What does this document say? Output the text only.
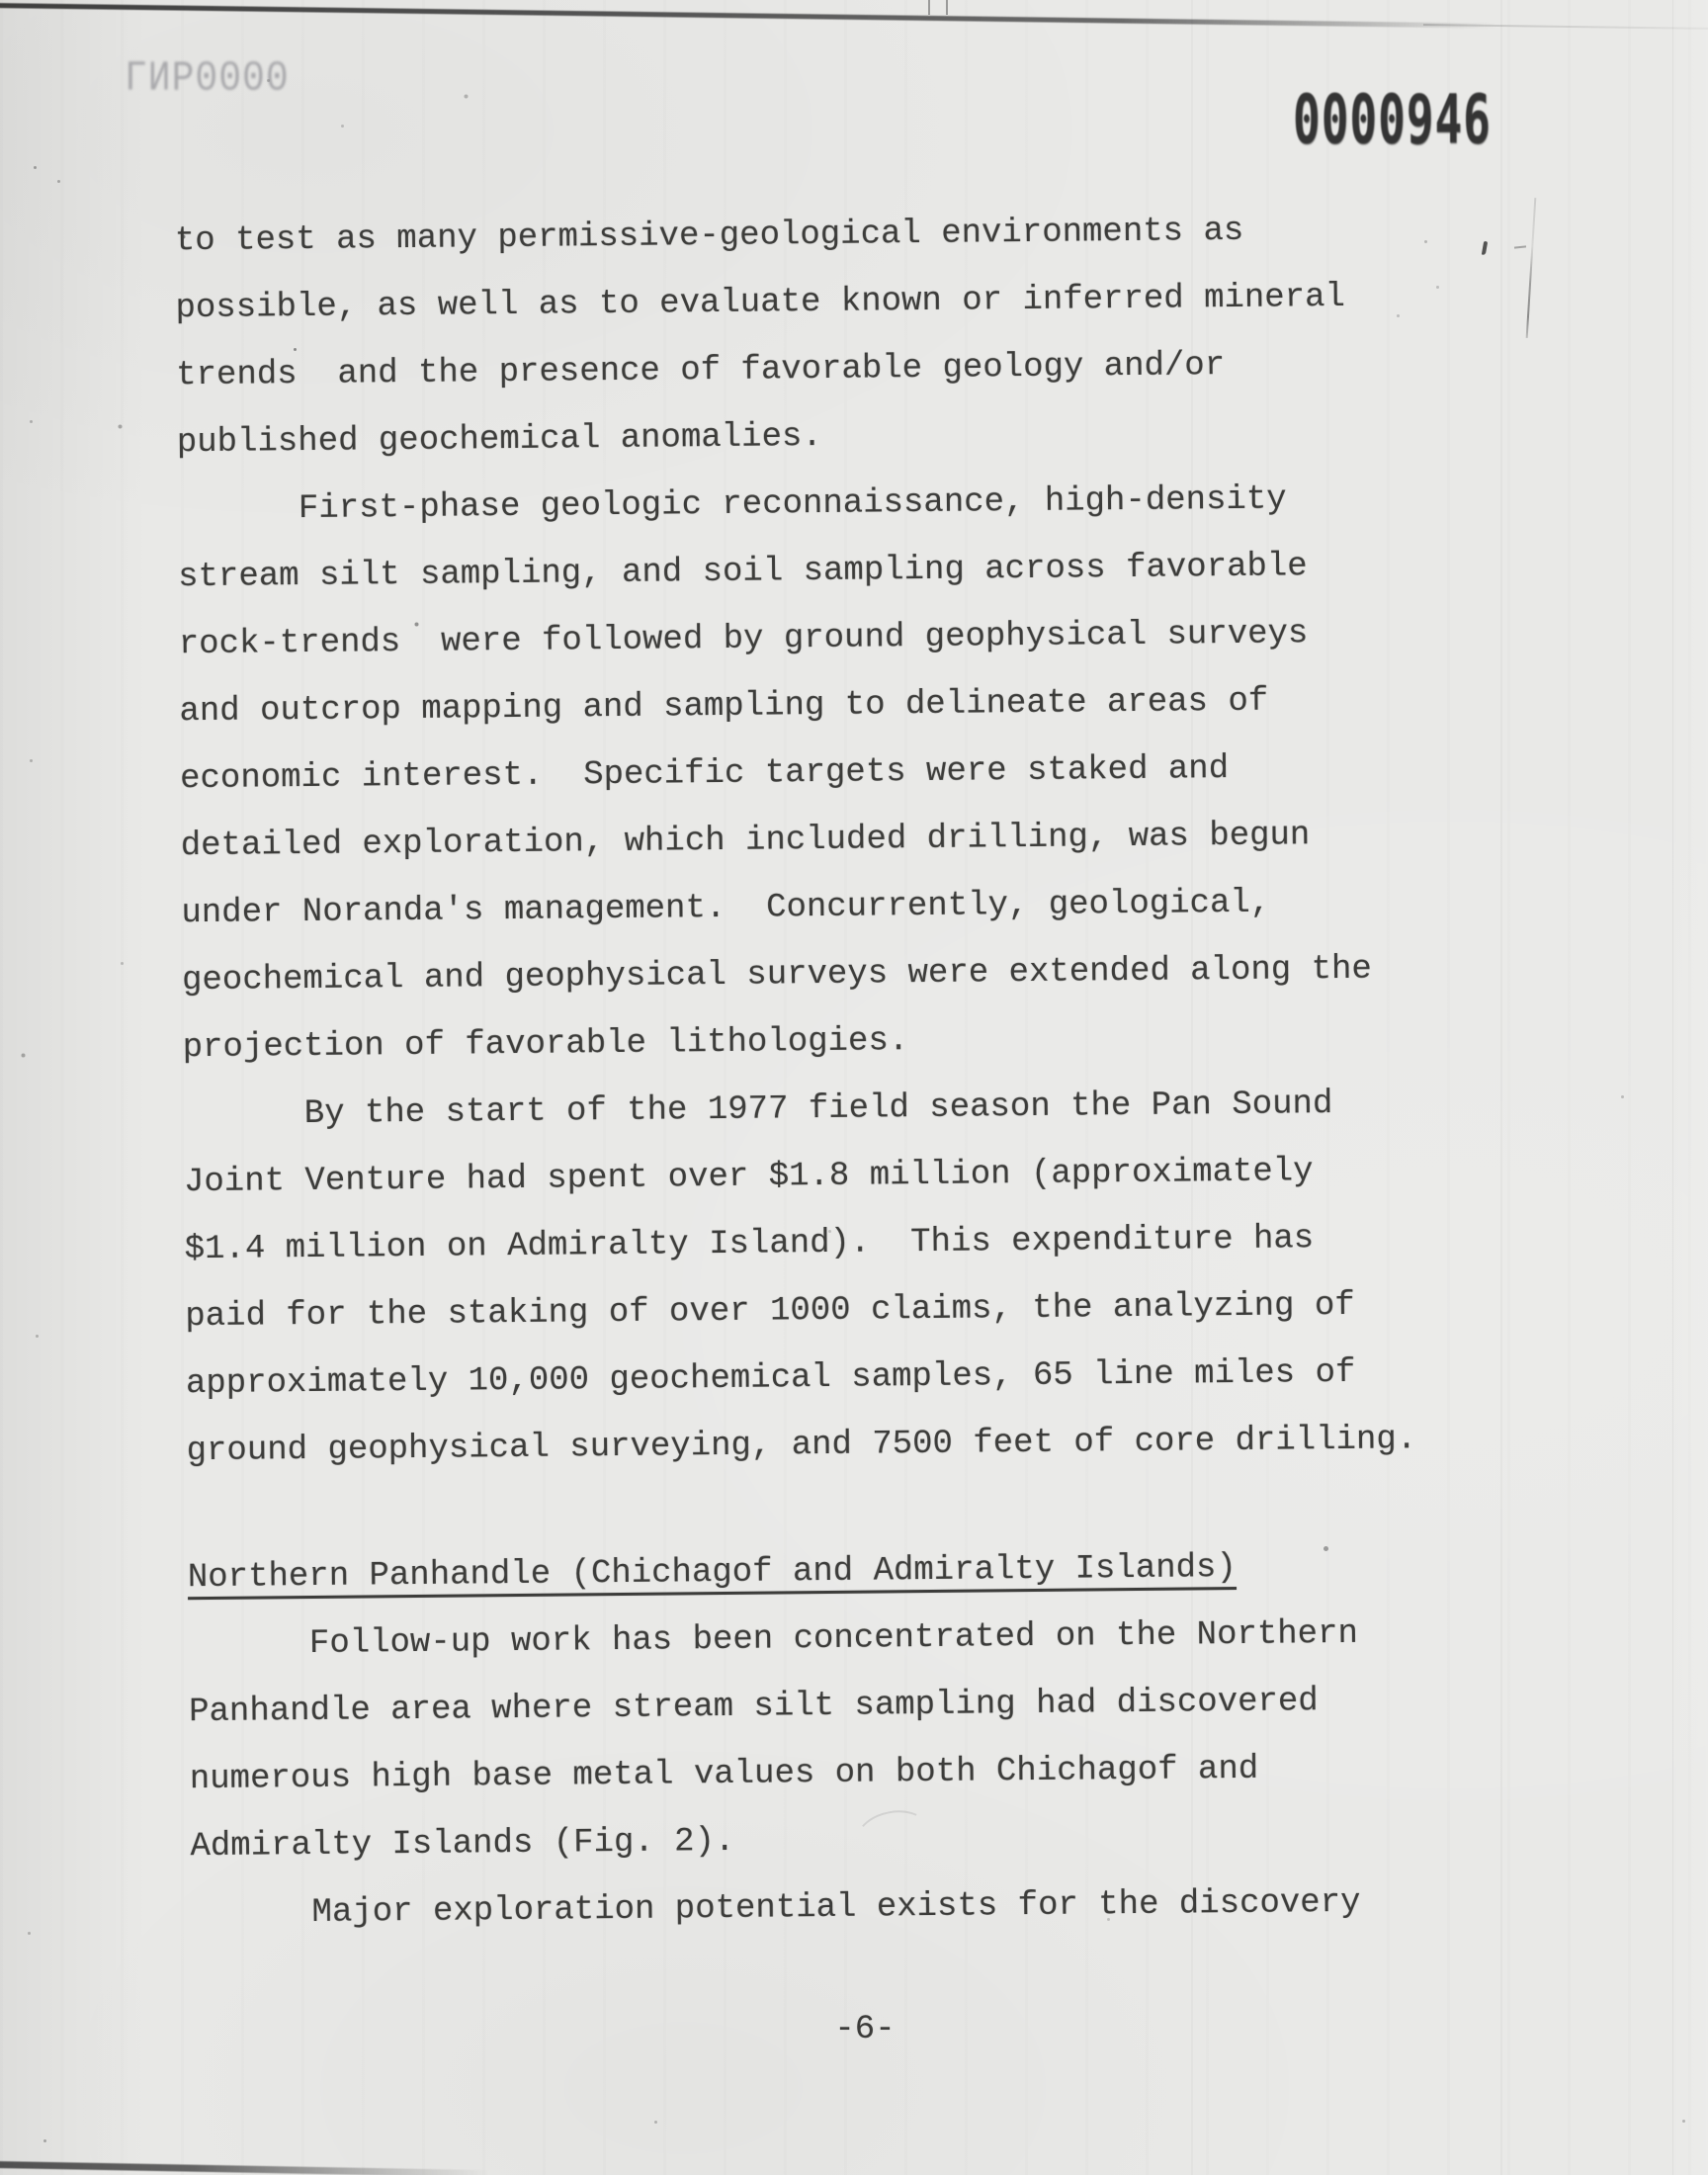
ГИР0000	0000946
to test as many permissive-geological environments as
possible, as well as to evaluate known or inferred mineral
trends  and the presence of favorable geology and/or
published geochemical anomalies.
First-phase geologic reconnaissance, high-density
stream silt sampling, and soil sampling across favorable
rock-trends  were followed by ground geophysical surveys
and outcrop mapping and sampling to delineate areas of
economic interest.  Specific targets were staked and
detailed exploration, which included drilling, was begun
under Noranda's management.  Concurrently, geological,
geochemical and geophysical surveys were extended along the
projection of favorable lithologies.
By the start of the 1977 field season the Pan Sound
Joint Venture had spent over $1.8 million (approximately
$1.4 million on Admiralty Island).  This expenditure has
paid for the staking of over 1000 claims, the analyzing of
approximately 10,000 geochemical samples, 65 line miles of
ground geophysical surveying, and 7500 feet of core drilling.
Northern Panhandle (Chichagof and Admiralty Islands)
Follow-up work has been concentrated on the Northern
Panhandle area where stream silt sampling had discovered
numerous high base metal values on both Chichagof and
Admiralty Islands (Fig. 2).
Major exploration potential exists for the discovery
-6-
